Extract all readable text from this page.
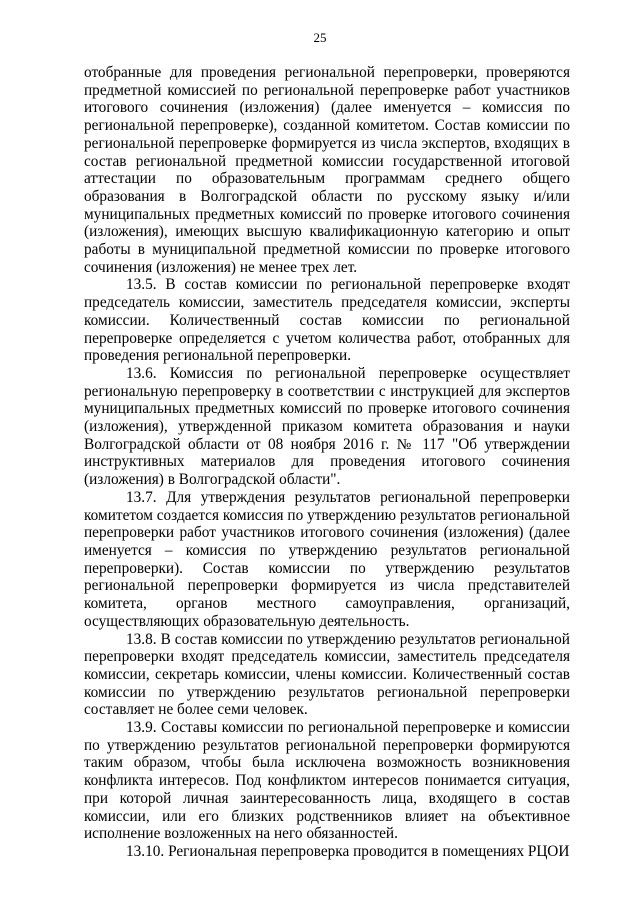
25

отобранные для проведения региональной перепроверки, проверяются предметной комиссией по региональной перепроверке работ участников итогового сочинения (изложения) (далее именуется – комиссия по региональной перепроверке), созданной комитетом. Состав комиссии по региональной перепроверке формируется из числа экспертов, входящих в состав региональной предметной комиссии государственной итоговой аттестации по образовательным программам среднего общего образования в Волгоградской области по русскому языку и/или муниципальных предметных комиссий по проверке итогового сочинения (изложения), имеющих высшую квалификационную категорию и опыт работы в муниципальной предметной комиссии по проверке итогового сочинения (изложения) не менее трех лет.

13.5. В состав комиссии по региональной перепроверке входят председатель комиссии, заместитель председателя комиссии, эксперты комиссии. Количественный состав комиссии по региональной перепроверке определяется с учетом количества работ, отобранных для проведения региональной перепроверки.

13.6. Комиссия по региональной перепроверке осуществляет региональную перепроверку в соответствии с инструкцией для экспертов муниципальных предметных комиссий по проверке итогового сочинения (изложения), утвержденной приказом комитета образования и науки Волгоградской области от 08 ноября 2016 г. № 117 "Об утверждении инструктивных материалов для проведения итогового сочинения (изложения) в Волгоградской области".

13.7. Для утверждения результатов региональной перепроверки комитетом создается комиссия по утверждению результатов региональной перепроверки работ участников итогового сочинения (изложения) (далее именуется – комиссия по утверждению результатов региональной перепроверки). Состав комиссии по утверждению результатов региональной перепроверки формируется из числа представителей комитета, органов местного самоуправления, организаций, осуществляющих образовательную деятельность.

13.8. В состав комиссии по утверждению результатов региональной перепроверки входят председатель комиссии, заместитель председателя комиссии, секретарь комиссии, члены комиссии. Количественный состав комиссии по утверждению результатов региональной перепроверки составляет не более семи человек.

13.9. Составы комиссии по региональной перепроверке и комиссии по утверждению результатов региональной перепроверки формируются таким образом, чтобы была исключена возможность возникновения конфликта интересов. Под конфликтом интересов понимается ситуация, при которой личная заинтересованность лица, входящего в состав комиссии, или его близких родственников влияет на объективное исполнение возложенных на него обязанностей.

13.10. Региональная перепроверка проводится в помещениях РЦОИ
